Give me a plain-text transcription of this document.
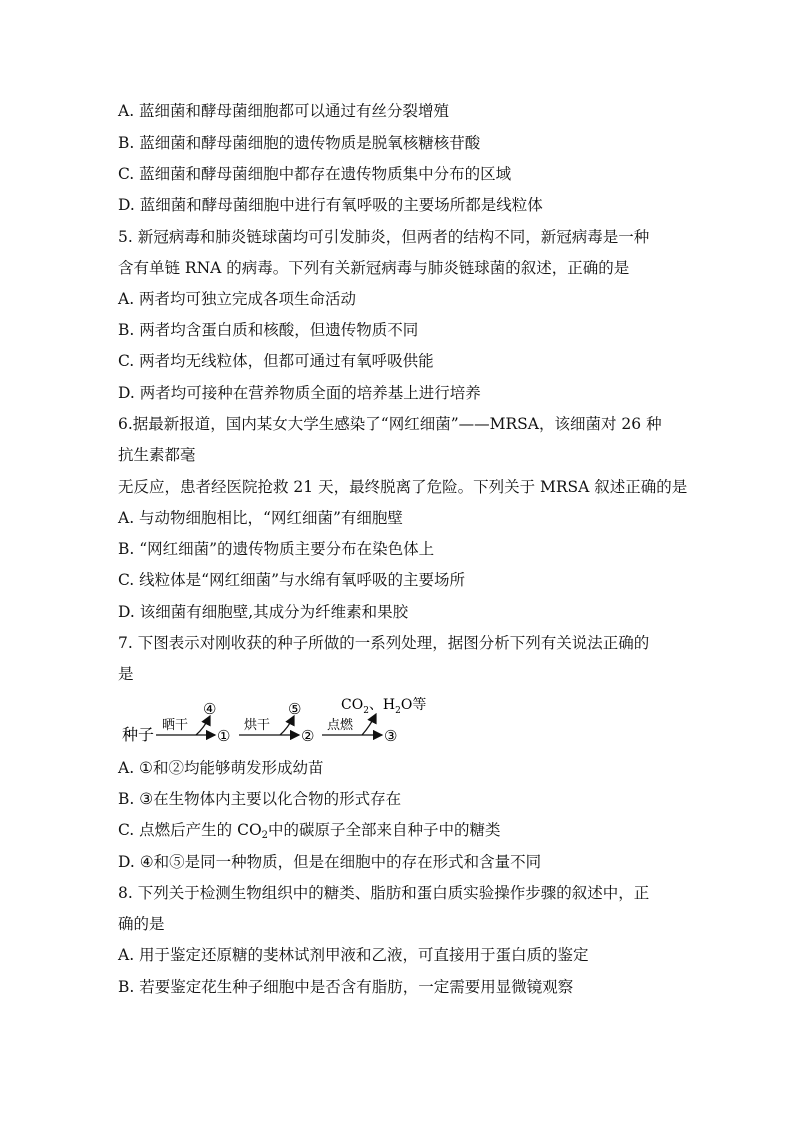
A. 蓝细菌和酵母菌细胞都可以通过有丝分裂增殖
B. 蓝细菌和酵母菌细胞的遗传物质是脱氧核糖核苷酸
C. 蓝细菌和酵母菌细胞中都存在遗传物质集中分布的区域
D. 蓝细菌和酵母菌细胞中进行有氧呼吸的主要场所都是线粒体
5. 新冠病毒和肺炎链球菌均可引发肺炎，但两者的结构不同，新冠病毒是一种
含有单链 RNA 的病毒。下列有关新冠病毒与肺炎链球菌的叙述，正确的是
A. 两者均可独立完成各项生命活动
B. 两者均含蛋白质和核酸，但遗传物质不同
C. 两者均无线粒体，但都可通过有氧呼吸供能
D. 两者均可接种在营养物质全面的培养基上进行培养
6.据最新报道，国内某女大学生感染了“网红细菌”——MRSA，该细菌对 26 种
抗生素都毫
无反应，患者经医院抢救 21 天，最终脱离了危险。下列关于 MRSA 叙述正确的是
A. 与动物细胞相比，“网红细菌”有细胞壁
B. “网红细菌”的遗传物质主要分布在染色体上
C. 线粒体是“网红细菌”与水绵有氧呼吸的主要场所
D. 该细菌有细胞壁,其成分为纤维素和果胶
7. 下图表示对刚收获的种子所做的一系列处理，据图分析下列有关说法正确的
是
种子 晒干
④
①
烘干
⑤
②
点燃
③
$CO_2$、$H_2O$等
A. ①和②均能够萌发形成幼苗
B. ③在生物体内主要以化合物的形式存在
C. 点燃后产生的 $CO_2$中的碳原子全部来自种子中的糖类
D. ④和⑤是同一种物质，但是在细胞中的存在形式和含量不同
8. 下列关于检测生物组织中的糖类、脂肪和蛋白质实验操作步骤的叙述中，正
确的是
A. 用于鉴定还原糖的斐林试剂甲液和乙液，可直接用于蛋白质的鉴定
B. 若要鉴定花生种子细胞中是否含有脂肪，一定需要用显微镜观察
